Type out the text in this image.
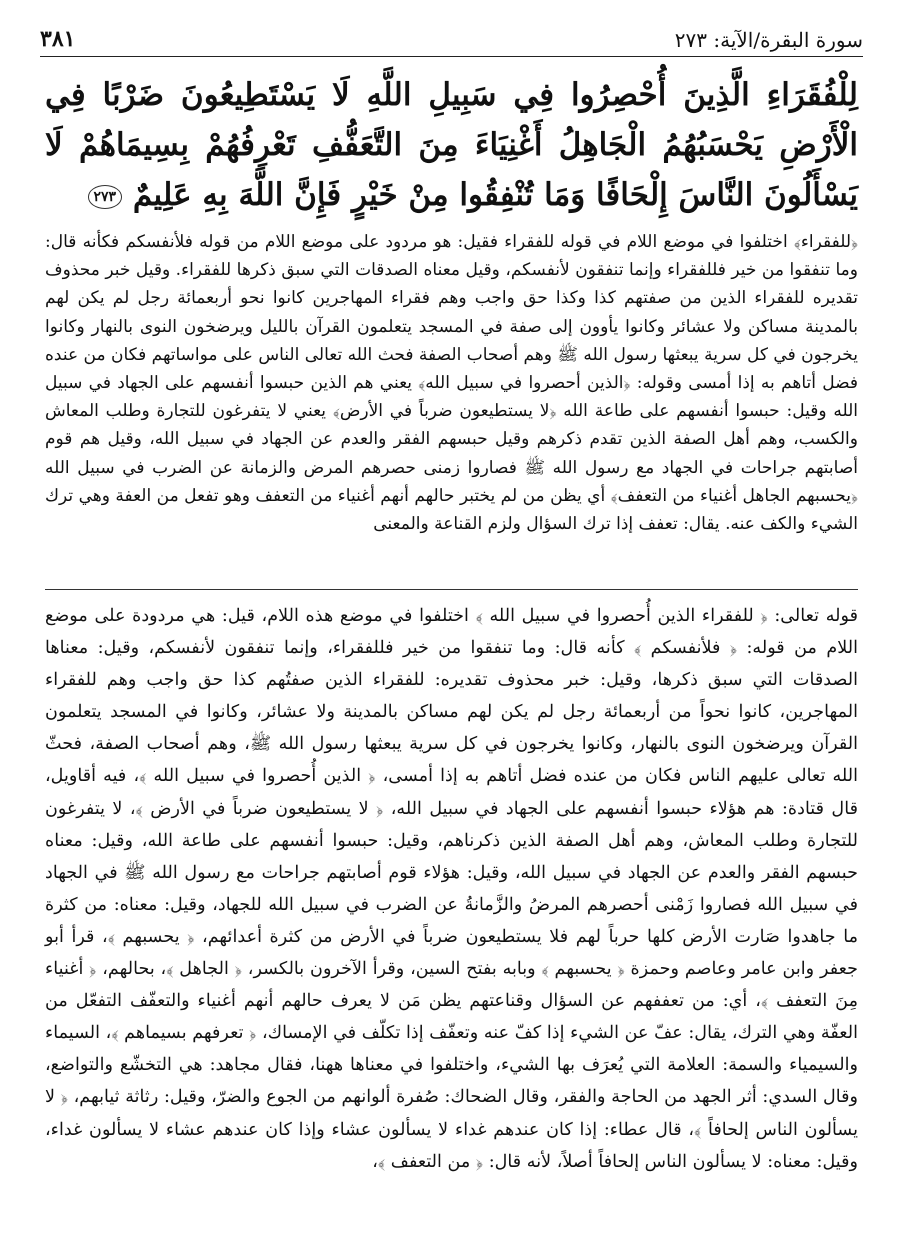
سورة البقرة/الآية: ٢٧٣
٣٨١
لِلْفُقَرَاءِ الَّذِينَ أُحْصِرُوا فِي سَبِيلِ اللَّهِ لَا يَسْتَطِيعُونَ ضَرْبًا فِي الْأَرْضِ يَحْسَبُهُمُ الْجَاهِلُ أَغْنِيَاءَ مِنَ التَّعَفُّفِ تَعْرِفُهُمْ بِسِيمَاهُمْ لَا يَسْأَلُونَ النَّاسَ إِلْحَافًا وَمَا تُنْفِقُوا مِنْ خَيْرٍ فَإِنَّ اللَّهَ بِهِ عَلِيمٌ ٢٧٣
﴿للفقراء﴾ اختلفوا في موضع اللام في قوله للفقراء فقيل: هو مردود على موضع اللام من قوله فلأنفسكم فكأنه قال: وما تنفقوا من خير فللفقراء وإنما تنفقون لأنفسكم، وقيل معناه الصدقات التي سبق ذكرها للفقراء. وقيل خبر محذوف تقديره للفقراء الذين من صفتهم كذا وكذا حق واجب وهم فقراء المهاجرين كانوا نحو أربعمائة رجل لم يكن لهم بالمدينة مساكن ولا عشائر وكانوا يأوون إلى صفة في المسجد يتعلمون القرآن بالليل ويرضخون النوى بالنهار وكانوا يخرجون في كل سرية يبعثها رسول الله ﷺ وهم أصحاب الصفة فحث الله تعالى الناس على مواساتهم فكان من عنده فضل أتاهم به إذا أمسى وقوله: ﴿الذين أحصروا في سبيل الله﴾ يعني هم الذين حبسوا أنفسهم على الجهاد في سبيل الله وقيل: حبسوا أنفسهم على طاعة الله ﴿لا يستطيعون ضرباً في الأرض﴾ يعني لا يتفرغون للتجارة وطلب المعاش والكسب، وهم أهل الصفة الذين تقدم ذكرهم وقيل حبسهم الفقر والعدم عن الجهاد في سبيل الله، وقيل هم قوم أصابتهم جراحات في الجهاد مع رسول الله ﷺ فصاروا زمنى حصرهم المرض والزمانة عن الضرب في سبيل الله ﴿يحسبهم الجاهل أغنياء من التعفف﴾ أي يظن من لم يختبر حالهم أنهم أغنياء من التعفف وهو تفعل من العفة وهي ترك الشيء والكف عنه. يقال: تعفف إذا ترك السؤال ولزم القناعة والمعنى
قوله تعالى: ﴿ للفقراء الذين أُحصروا في سبيل الله ﴾ اختلفوا في موضع هذه اللام، قيل: هي مردودة على موضع اللام من قوله: ﴿ فلأنفسكم ﴾ كأنه قال: وما تنفقوا من خير فللفقراء، وإنما تنفقون لأنفسكم، وقيل: معناها الصدقات التي سبق ذكرها، وقيل: خبر محذوف تقديره: للفقراء الذين صفتُهم كذا حق واجب وهم للفقراء المهاجرين، كانوا نحواً من أربعمائة رجل لم يكن لهم مساكن بالمدينة ولا عشائر، وكانوا في المسجد يتعلمون القرآن ويرضخون النوى بالنهار، وكانوا يخرجون في كل سرية يبعثها رسول الله ﷺ، وهم أصحاب الصفة، فحثّ الله تعالى عليهم الناس فكان من عنده فضل أتاهم به إذا أمسى، ﴿ الذين أُحصروا في سبيل الله ﴾، فيه أقاويل، قال قتادة: هم هؤلاء حبسوا أنفسهم على الجهاد في سبيل الله، ﴿ لا يستطيعون ضرباً في الأرض ﴾، لا يتفرغون للتجارة وطلب المعاش، وهم أهل الصفة الذين ذكرناهم، وقيل: حبسوا أنفسهم على طاعة الله، وقيل: معناه حبسهم الفقر والعدم عن الجهاد في سبيل الله، وقيل: هؤلاء قوم أصابتهم جراحات مع رسول الله ﷺ في الجهاد في سبيل الله فصاروا زَمْنى أحصرهم المرضُ والزَّمانةُ عن الضرب في سبيل الله للجهاد، وقيل: معناه: من كثرة ما جاهدوا صَارت الأرض كلها حرباً لهم فلا يستطيعون ضرباً في الأرض من كثرة أعدائهم، ﴿ يحسبهم ﴾، قرأ أبو جعفر وابن عامر وعاصم وحمزة ﴿ يحسبهم ﴾ وبابه بفتح السين، وقرأ الآخرون بالكسر، ﴿ الجاهل ﴾، بحالهم، ﴿ أغنياء مِنَ التعفف ﴾، أي: من تعففهم عن السؤال وقناعتهم يظن مَن لا يعرف حالهم أنهم أغنياء والتعفّف التفعّل من العفّة وهي الترك، يقال: عفّ عن الشيء إذا كفّ عنه وتعفّف إذا تكلّف في الإمساك، ﴿ تعرفهم بسيماهم ﴾، السيماء والسيمياء والسمة: العلامة التي يُعرَف بها الشيء، واختلفوا في معناها ههنا، فقال مجاهد: هي التخشّع والتواضع، وقال السدي: أثر الجهد من الحاجة والفقر، وقال الضحاك: صُفرة ألوانهم من الجوع والضرّ، وقيل: رثاثة ثيابهم، ﴿ لا يسألون الناس إلحافاً ﴾، قال عطاء: إذا كان عندهم غداء لا يسألون عشاء وإذا كان عندهم عشاء لا يسألون غداء، وقيل: معناه: لا يسألون الناس إلحافاً أصلاً، لأنه قال: ﴿ من التعفف ﴾،
